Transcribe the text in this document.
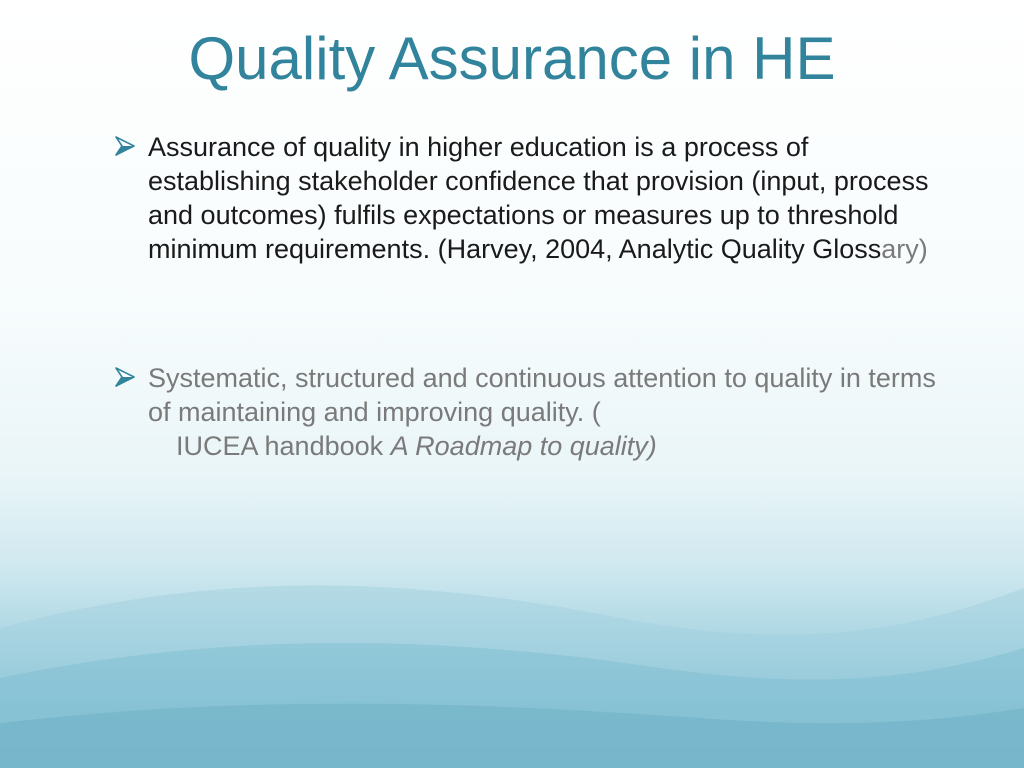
Quality Assurance in HE
Assurance of quality in higher education is a process of establishing stakeholder confidence that provision (input, process and outcomes) fulfils expectations or measures up to threshold minimum requirements. (Harvey, 2004, Analytic Quality Glossary)
Systematic, structured and continuous attention to quality in terms of maintaining and improving quality. (
IUCEA handbook A Roadmap to quality)
